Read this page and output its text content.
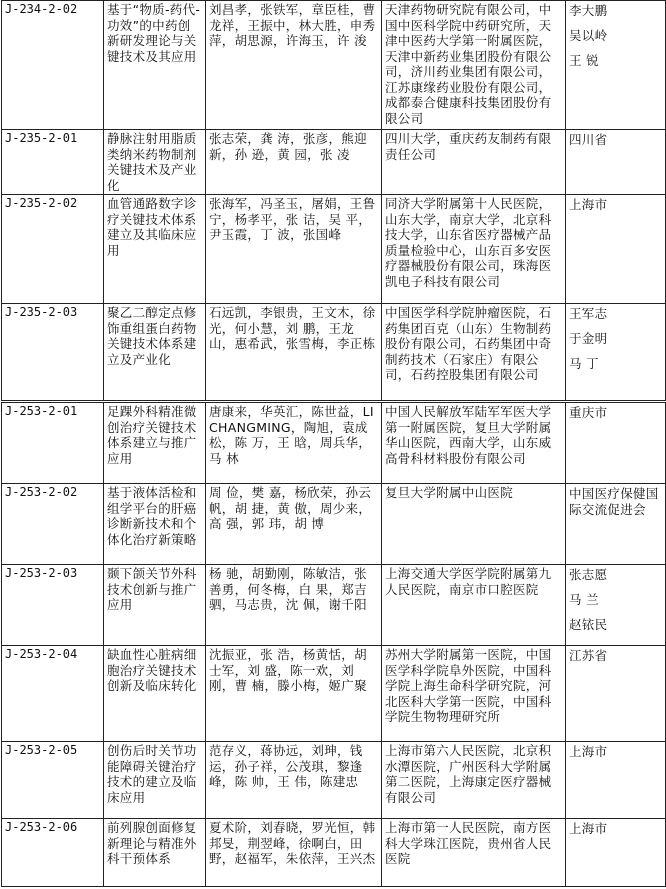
J-234-2-02	基于“物质-药代-功效”的中药创新研发理论与关键技术及其应用	刘昌孝，张铁军，章臣桂，曹龙祥，王振中，林大胜，申秀萍，胡思源，许海玉，许 浚	天津药物研究院有限公司，中国中医科学院中药研究所，天津中医药大学第一附属医院，天津中新药业集团股份有限公司，济川药业集团有限公司，江苏康缘药业股份有限公司，成都泰合健康科技集团股份有限公司	李大鹏
吴以岭
王 锐

J-235-2-01	静脉注射用脂质类纳米药物制剂关键技术及产业化	张志荣，龚 涛，张彦，熊迎新，孙 逊，黄 园，张 凌	四川大学，重庆药友制药有限责任公司	四川省

J-235-2-02	血管通路数字诊疗关键技术体系建立及其临床应用	张海军，冯圣玉，屠娟，王鲁宁，杨孝平，张 诘，吴 平，尹玉霞，丁 波，张国峰	同济大学附属第十人民医院，山东大学，南京大学，北京科技大学，山东省医疗器械产品质量检验中心，山东百多安医疗器械股份有限公司，珠海医凯电子科技有限公司	上海市

J-235-2-03	聚乙二醇定点修饰重组蛋白药物关键技术体系建立及产业化	石远凯，李银贵，王文木，徐 光，何小慧，刘 鹏，王龙山，惠希武，张雪梅，李正栋	中国医学科学院肿瘤医院，石药集团百克（山东）生物制药股份有限公司，石药集团中奇制药技术（石家庄）有限公司，石药控股集团有限公司	王军志
于金明
马 丁

J-253-2-01	足踝外科精准微创治疗关键技术体系建立与推广应用	唐康来，华英汇，陈世益，LICHANGMING，陶旭，袁成松，陈 万，王 晗，周兵华，马 林	中国人民解放军陆军军医大学第一附属医院，复旦大学附属华山医院，西南大学，山东威高骨科材料股份有限公司	重庆市

J-253-2-02	基于液体活检和组学平台的肝癌诊断新技术和个体化治疗新策略	周 俭，樊 嘉，杨欣荣，孙云帆，胡 捷，黄 傲，周少来，高 强，郭 玮，胡 博	复旦大学附属中山医院	中国医疗保健国际交流促进会

J-253-2-03	颞下颌关节外科技术创新与推广应用	杨 驰，胡勤刚，陈敏洁，张善勇，何冬梅，白 果，郑吉驷，马志贵，沈 佩，谢千阳	上海交通大学医学院附属第九人民医院，南京市口腔医院	张志愿
马 兰
赵铱民

J-253-2-04	缺血性心脏病细胞治疗关键技术创新及临床转化	沈振亚，张 浩，杨黄恬，胡士军，刘 盛，陈一欢，刘 刚，曹 楠，滕小梅，姬广聚	苏州大学附属第一医院，中国医学科学院阜外医院，中国科学院上海生命科学研究院，河北医科大学第一医院，中国科学院生物物理研究所	江苏省

J-253-2-05	创伤后时关节功能障碍关键治疗技术的建立及临床应用	范存义，蒋协远，刘珅，钱 运，孙子祥，公茂琪，黎逢峰，陈 帅，王 伟，陈建忠	上海市第六人民医院，北京积水潭医院，广州医科大学附属第二医院，上海康定医疗器械有限公司	上海市

J-253-2-06	前列腺创面修复新理论与精准外科干预体系	夏术阶，刘春晓，罗光恒，韩邦旻，荆翌峰，徐啊白，田 野，赵福军，朱依萍，王兴杰	上海市第一人民医院，南方医科大学珠江医院，贵州省人民医院	上海市
